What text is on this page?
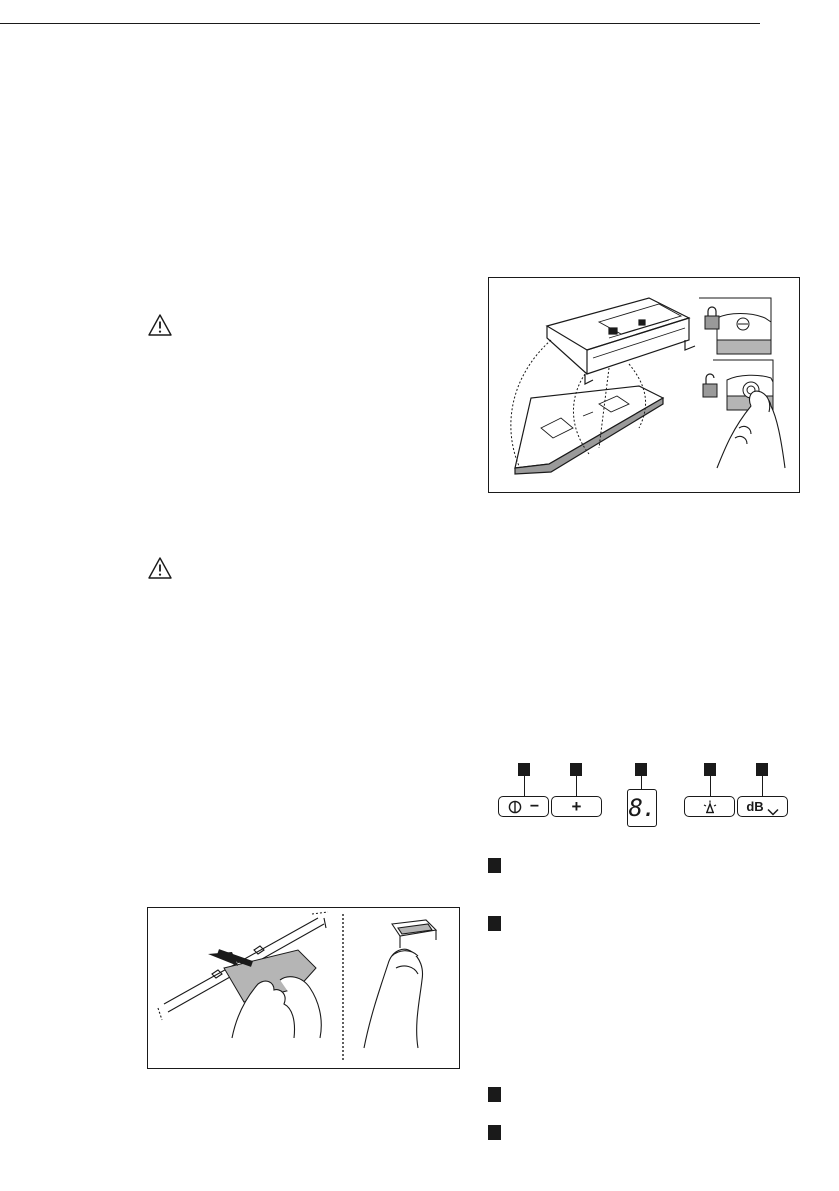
− + 8.	dB
